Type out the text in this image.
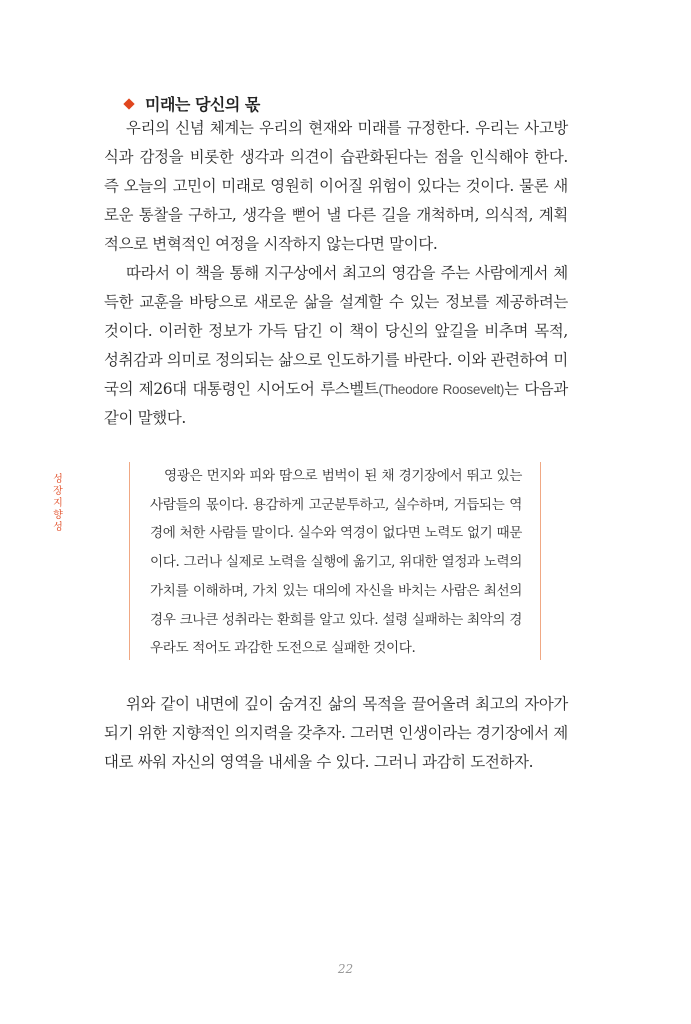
미래는 당신의 몫

우리의 신념 체계는 우리의 현재와 미래를 규정한다. 우리는 사고방식과 감정을 비롯한 생각과 의견이 습관화된다는 점을 인식해야 한다. 즉 오늘의 고민이 미래로 영원히 이어질 위험이 있다는 것이다. 물론 새로운 통찰을 구하고, 생각을 뻗어 낼 다른 길을 개척하며, 의식적, 계획적으로 변혁적인 여정을 시작하지 않는다면 말이다.

따라서 이 책을 통해 지구상에서 최고의 영감을 주는 사람에게서 체득한 교훈을 바탕으로 새로운 삶을 설계할 수 있는 정보를 제공하려는 것이다. 이러한 정보가 가득 담긴 이 책이 당신의 앞길을 비추며 목적, 성취감과 의미로 정의되는 삶으로 인도하기를 바란다. 이와 관련하여 미국의 제26대 대통령인 시어도어 루스벨트(Theodore Roosevelt)는 다음과 같이 말했다.

성
장
지
향
성

영광은 먼지와 피와 땀으로 범벅이 된 채 경기장에서 뛰고 있는 사람들의 몫이다. 용감하게 고군분투하고, 실수하며, 거듭되는 역경에 처한 사람들 말이다. 실수와 역경이 없다면 노력도 없기 때문이다. 그러나 실제로 노력을 실행에 옮기고, 위대한 열정과 노력의 가치를 이해하며, 가치 있는 대의에 자신을 바치는 사람은 최선의 경우 크나큰 성취라는 환희를 알고 있다. 설령 실패하는 최악의 경우라도 적어도 과감한 도전으로 실패한 것이다.

위와 같이 내면에 깊이 숨겨진 삶의 목적을 끌어올려 최고의 자아가 되기 위한 지향적인 의지력을 갖추자. 그러면 인생이라는 경기장에서 제대로 싸워 자신의 영역을 내세울 수 있다. 그러니 과감히 도전하자.

22
